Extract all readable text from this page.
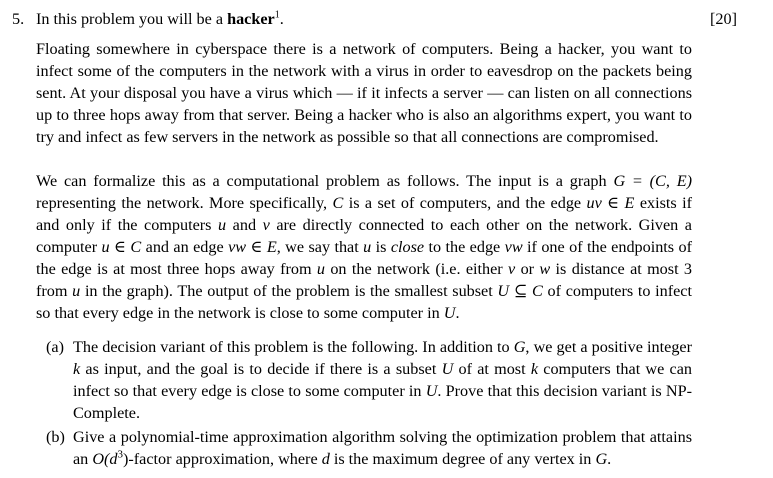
5. In this problem you will be a hacker$^1$.	[20]
Floating somewhere in cyberspace there is a network of computers. Being a hacker, you want to infect some of the computers in the network with a virus in order to eavesdrop on the packets being sent. At your disposal you have a virus which — if it infects a server — can listen on all connections up to three hops away from that server. Being a hacker who is also an algorithms expert, you want to try and infect as few servers in the network as possible so that all connections are compromised.
We can formalize this as a computational problem as follows. The input is a graph G = (C, E) representing the network. More specifically, C is a set of computers, and the edge uv ∈ E exists if and only if the computers u and v are directly connected to each other on the network. Given a computer u ∈ C and an edge vw ∈ E, we say that u is close to the edge vw if one of the endpoints of the edge is at most three hops away from u on the network (i.e. either v or w is distance at most 3 from u in the graph). The output of the problem is the smallest subset U ⊆ C of computers to infect so that every edge in the network is close to some computer in U.
(a) The decision variant of this problem is the following. In addition to G, we get a positive integer k as input, and the goal is to decide if there is a subset U of at most k computers that we can infect so that every edge is close to some computer in U. Prove that this decision variant is NP-Complete.
(b) Give a polynomial-time approximation algorithm solving the optimization problem that attains an $O(d^3)$-factor approximation, where d is the maximum degree of any vertex in G.
